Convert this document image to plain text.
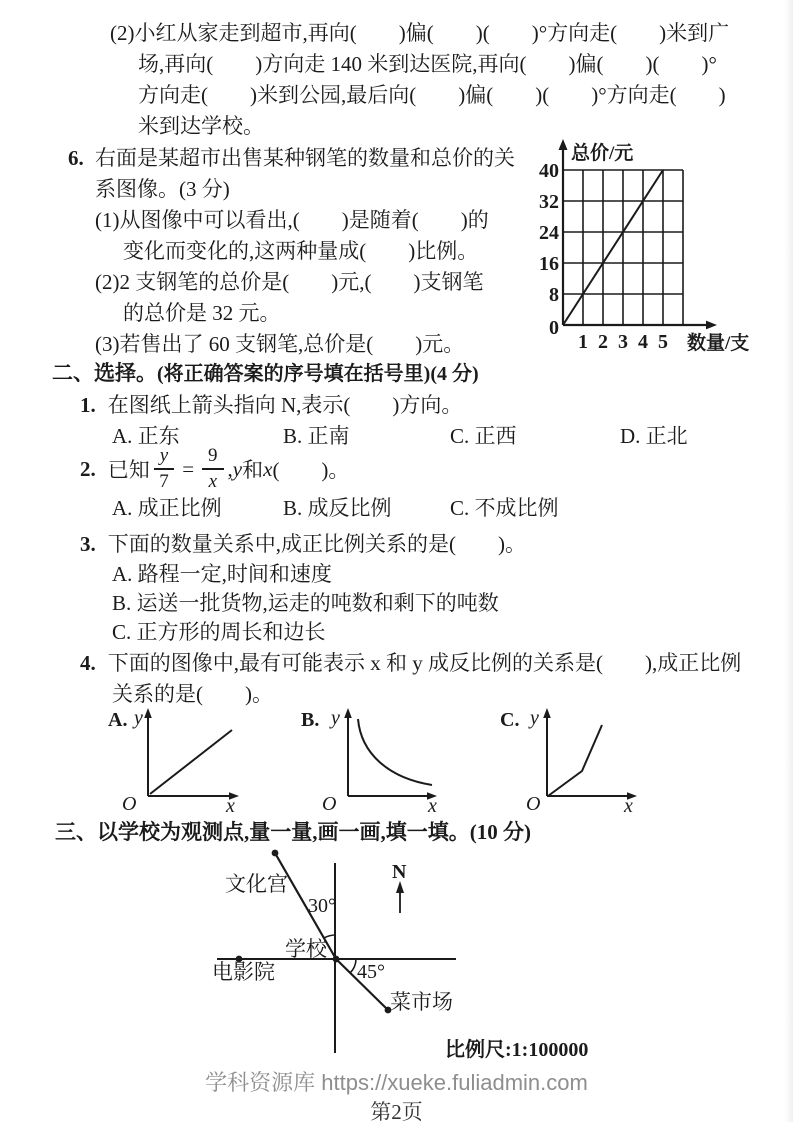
(2)小红从家走到超市,再向(　　)偏(　　)(　　)°方向走(　　)米到广
场,再向(　　)方向走 140 米到达医院,再向(　　)偏(　　)(　　)°
方向走(　　)米到公园,最后向(　　)偏(　　)(　　)°方向走(　　)
米到达学校。
6. 右面是某超市出售某种钢笔的数量和总价的关
系图像。(3 分)
(1)从图像中可以看出,(　　)是随着(　　)的
变化而变化的,这两种量成(　　)比例。
(2)2 支钢笔的总价是(　　)元,(　　)支钢笔
的总价是 32 元。
(3)若售出了 60 支钢笔,总价是(　　)元。
总价/元
数量/支
40
32
24
16
8
0
1 2 3 4 5
二、选择。(将正确答案的序号填在括号里)(4 分)
1. 在图纸上箭头指向 N,表示(　　)方向。
A. 正东	B. 正南	C. 正西	D. 正北
2. 已知 $\frac{y}{7} = \frac{9}{x}$ , y 和 x (　　)。
A. 成正比例	B. 成反比例	C. 不成比例
3. 下面的数量关系中,成正比例关系的是(　　)。
A. 路程一定,时间和速度
B. 运送一批货物,运走的吨数和剩下的吨数
C. 正方形的周长和边长
4. 下面的图像中,最有可能表示 x 和 y 成反比例的关系是(　　),成正比例
关系的是(　　)。
A. y
O	x
B. y
O	x
C. y
O	x
三、以学校为观测点,量一量,画一画,填一填。(10 分)
N
文化宫
30°
学校
电影院	45°
菜市场
比例尺:1:100000
学科资源库 https://xueke.fuliadmin.com
第2页
